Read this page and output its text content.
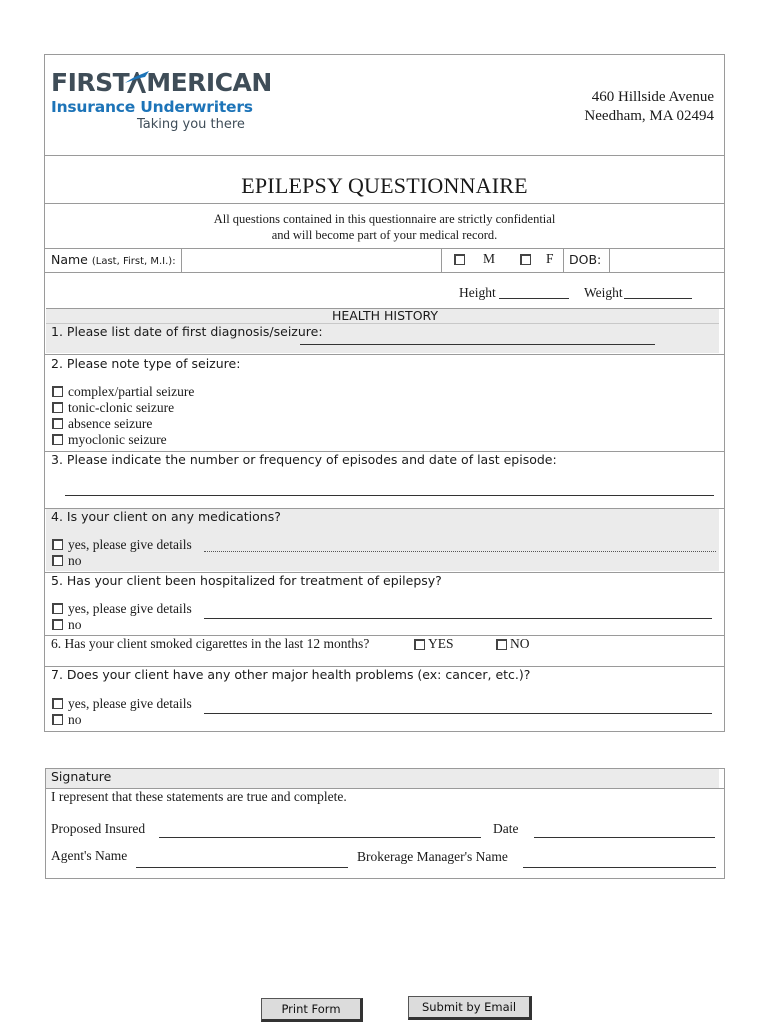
FIRST MERICAN
Insurance Underwriters
Taking you there
460 Hillside Avenue
Needham, MA 02494
EPILEPSY QUESTIONNAIRE
All questions contained in this questionnaire are strictly confidential
and will become part of your medical record.
Name (Last, First, M.I.):	M	F DOB:
Height	Weight
HEALTH HISTORY
1. Please list date of first diagnosis/seizure:
2. Please note type of seizure:
complex/partial seizure
tonic-clonic seizure
absence seizure
myoclonic seizure
3. Please indicate the number or frequency of episodes and date of last episode:
4. Is your client on any medications?
yes, please give details
no
5. Has your client been hospitalized for treatment of epilepsy?
yes, please give details
no
6. Has your client smoked cigarettes in the last 12 months?	YES	NO
7. Does your client have any other major health problems (ex: cancer, etc.)?
yes, please give details
no
Signature
I represent that these statements are true and complete.
Proposed Insured	Date
Agent's Name	Brokerage Manager's Name
Print Form	Submit by Email
